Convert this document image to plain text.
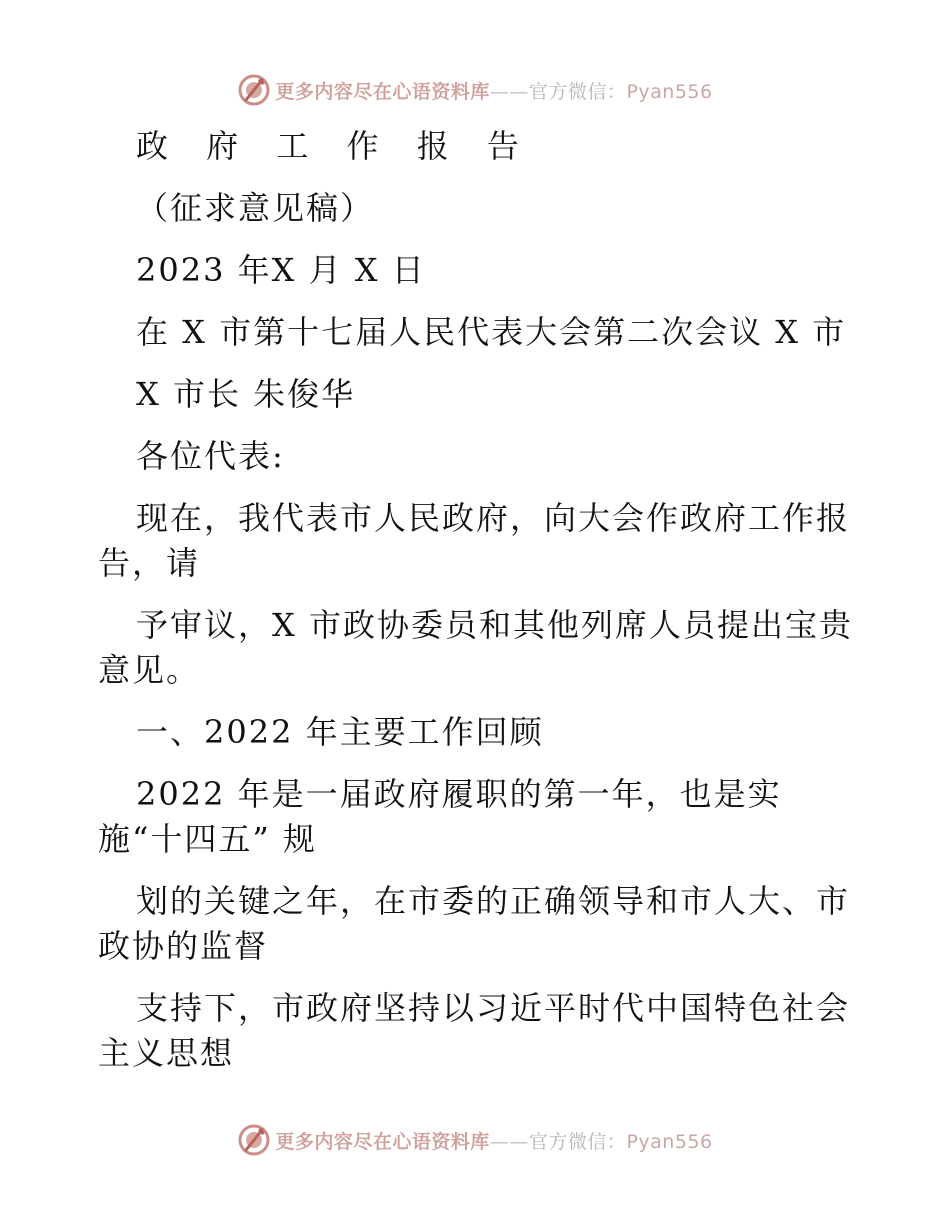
更多内容尽在心语资料库——官方微信：Pyan556
政 府 工 作 报 告
（征求意见稿）
2023 年X 月 X 日
在 X 市第十七届人民代表大会第二次会议 X 市
X 市长 朱俊华
各位代表:
现在，我代表市人民政府，向大会作政府工作报
告，请
予审议，X 市政协委员和其他列席人员提出宝贵
意见。
一、2022 年主要工作回顾
2022 年是一届政府履职的第一年，也是实
施“十四五” 规
划的关键之年，在市委的正确领导和市人大、市
政协的监督
支持下，市政府坚持以习近平时代中国特色社会
主义思想
更多内容尽在心语资料库——官方微信：Pyan556
